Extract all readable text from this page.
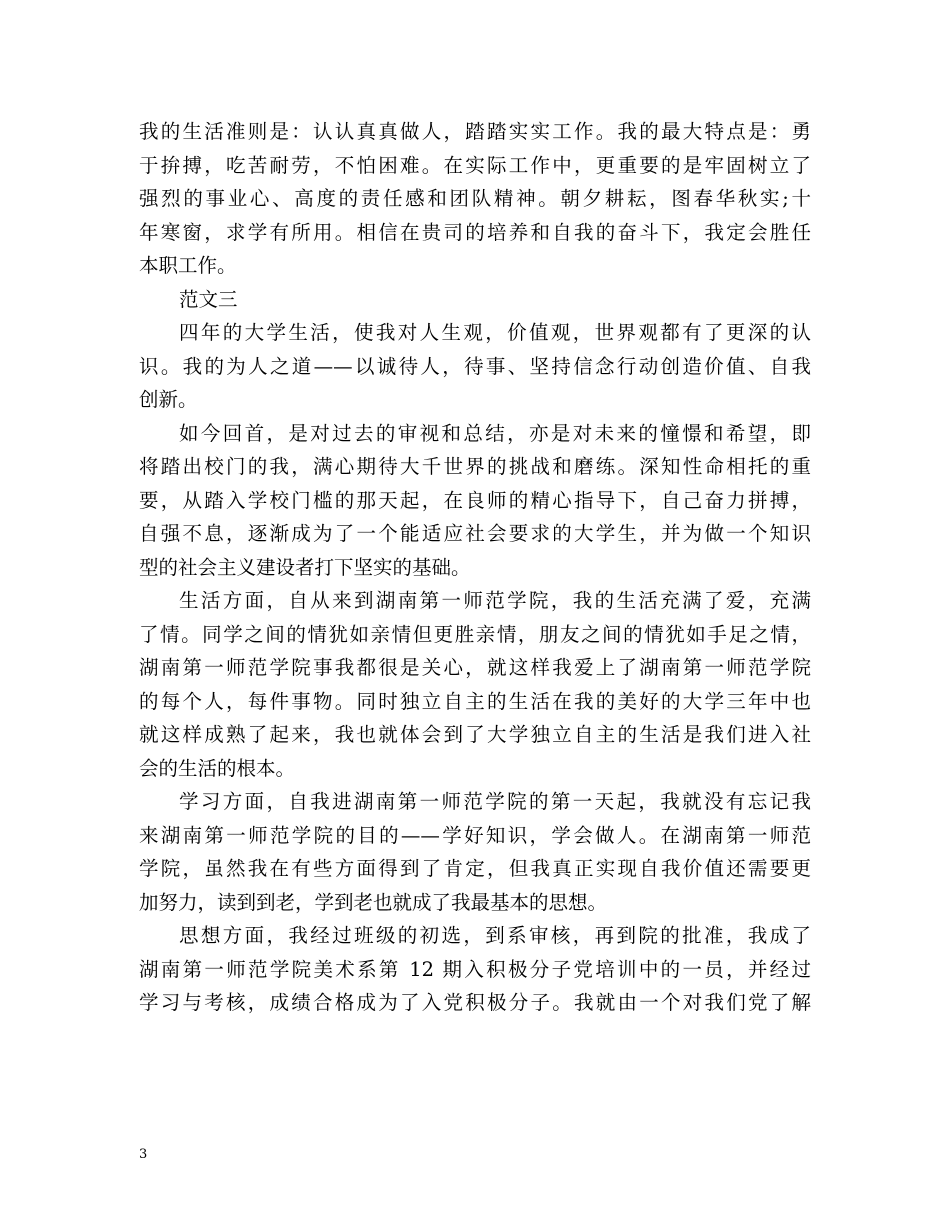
我的生活准则是：认认真真做人，踏踏实实工作。我的最大特点是：勇
于拚搏，吃苦耐劳，不怕困难。在实际工作中，更重要的是牢固树立了
强烈的事业心、高度的责任感和团队精神。朝夕耕耘，图春华秋实;十
年寒窗，求学有所用。相信在贵司的培养和自我的奋斗下，我定会胜任
本职工作。
范文三
四年的大学生活，使我对人生观，价值观，世界观都有了更深的认
识。我的为人之道——以诚待人，待事、坚持信念行动创造价值、自我
创新。
如今回首，是对过去的审视和总结，亦是对未来的憧憬和希望，即
将踏出校门的我，满心期待大千世界的挑战和磨练。深知性命相托的重
要，从踏入学校门槛的那天起，在良师的精心指导下，自己奋力拼搏，
自强不息，逐渐成为了一个能适应社会要求的大学生，并为做一个知识
型的社会主义建设者打下坚实的基础。
生活方面，自从来到湖南第一师范学院，我的生活充满了爱，充满
了情。同学之间的情犹如亲情但更胜亲情，朋友之间的情犹如手足之情，
湖南第一师范学院事我都很是关心，就这样我爱上了湖南第一师范学院
的每个人，每件事物。同时独立自主的生活在我的美好的大学三年中也
就这样成熟了起来，我也就体会到了大学独立自主的生活是我们进入社
会的生活的根本。
学习方面，自我进湖南第一师范学院的第一天起，我就没有忘记我
来湖南第一师范学院的目的——学好知识，学会做人。在湖南第一师范
学院，虽然我在有些方面得到了肯定，但我真正实现自我价值还需要更
加努力，读到到老，学到老也就成了我最基本的思想。
思想方面，我经过班级的初选，到系审核，再到院的批准，我成了
湖南第一师范学院美术系第 12 期入积极分子党培训中的一员，并经过
学习与考核，成绩合格成为了入党积极分子。我就由一个对我们党了解
3
